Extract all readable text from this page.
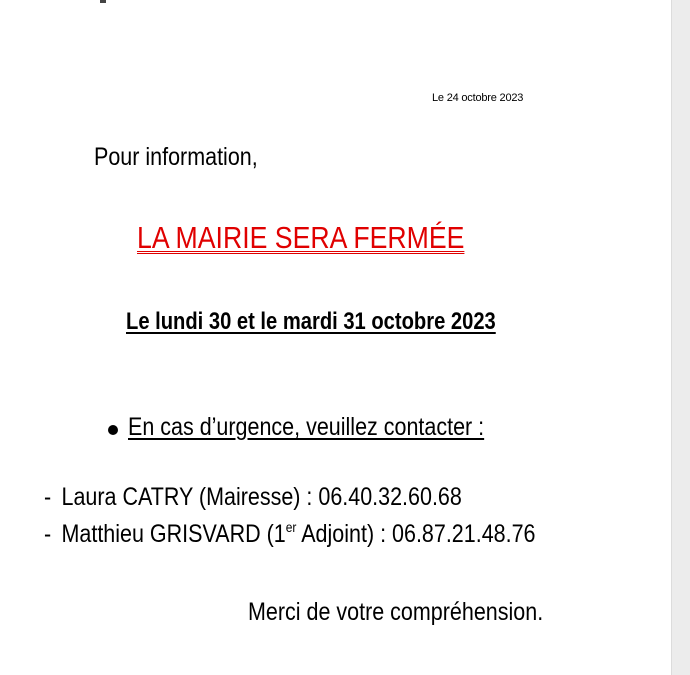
Le 24 octobre 2023
Pour information,
LA MAIRIE SERA FERMÉE
Le lundi 30 et le mardi 31 octobre 2023
En cas d’urgence, veuillez contacter :
- Laura CATRY (Mairesse) : 06.40.32.60.68
- Matthieu GRISVARD (1er Adjoint) : 06.87.21.48.76
Merci de votre compréhension.
